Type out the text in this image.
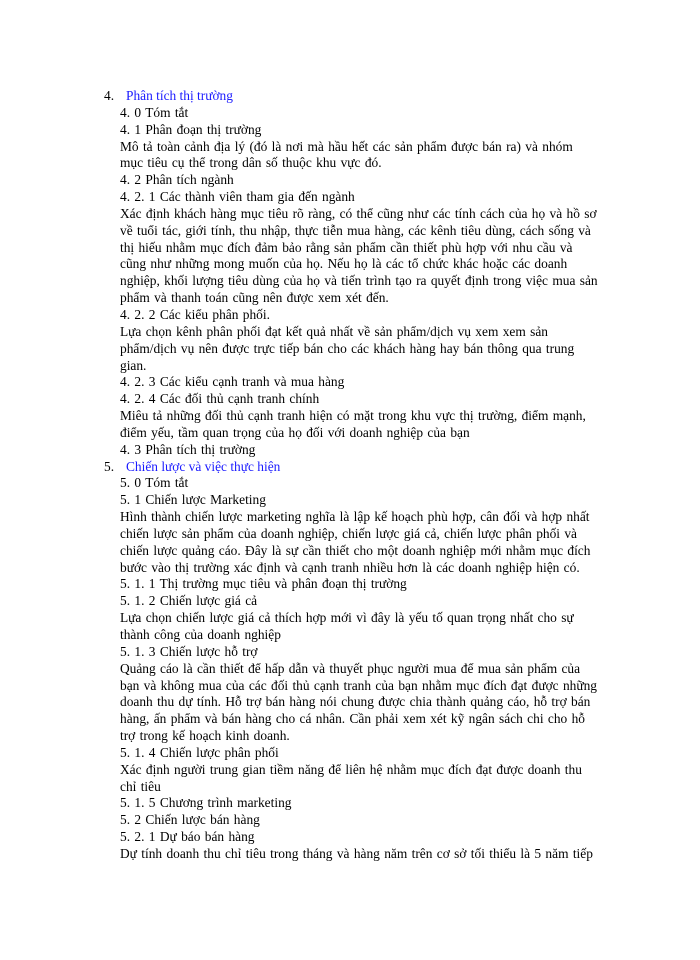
4. Phân tích thị trường
4. 0 Tóm tắt
4. 1 Phân đoạn thị trường
Mô tả toàn cảnh địa lý (đó là nơi mà hầu hết các sản phẩm được bán ra) và nhóm mục tiêu cụ thể trong dân số thuộc khu vực đó.
4. 2 Phân tích ngành
4. 2. 1 Các thành viên tham gia đến ngành
Xác định khách hàng mục tiêu rõ ràng, có thể cũng như các tính cách của họ và hồ sơ về tuổi tác, giới tính, thu nhập, thực tiễn mua hàng, các kênh tiêu dùng, cách sống và thị hiếu nhằm mục đích đảm bảo rằng sản phẩm cần thiết phù hợp với nhu cầu và cũng như những mong muốn của họ. Nếu họ là các tổ chức khác hoặc các doanh nghiệp, khối lượng tiêu dùng của họ và tiến trình tạo ra quyết định trong việc mua sản phẩm và thanh toán cũng nên được xem xét đến.
4. 2. 2 Các kiểu phân phối.
Lựa chọn kênh phân phối đạt kết quả nhất về sản phẩm/dịch vụ xem xem sản phẩm/dịch vụ nên được trực tiếp bán cho các khách hàng hay bán thông qua trung gian.
4. 2. 3 Các kiểu cạnh tranh và mua hàng
4. 2. 4 Các đối thủ cạnh tranh chính
Miêu tả những đối thủ cạnh tranh hiện có mặt trong khu vực thị trường, điểm mạnh, điểm yếu, tầm quan trọng của họ đối với doanh nghiệp của bạn
4. 3 Phân tích thị trường
5. Chiến lược và việc thực hiện
5. 0 Tóm tắt
5. 1 Chiến lược Marketing
Hình thành chiến lược marketing nghĩa là lập kế hoạch phù hợp, cân đối và hợp nhất chiến lược sản phẩm của doanh nghiệp, chiến lược giá cả, chiến lược phân phối và chiến lược quảng cáo. Đây là sự cần thiết cho một doanh nghiệp mới nhằm mục đích bước vào thị trường xác định và cạnh tranh nhiều hơn là các doanh nghiệp hiện có.
5. 1. 1 Thị trường mục tiêu và phân đoạn thị trường
5. 1. 2 Chiến lược giá cả
Lựa chọn chiến lược giá cả thích hợp mới vì đây là yếu tố quan trọng nhất cho sự thành công của doanh nghiệp
5. 1. 3 Chiến lược hỗ trợ
Quảng cáo là cần thiết để hấp dẫn và thuyết phục người mua để mua sản phẩm của bạn và không mua của các đối thủ cạnh tranh của bạn nhằm mục đích đạt được những doanh thu dự tính. Hỗ trợ bán hàng nói chung được chia thành quảng cáo, hỗ trợ bán hàng, ấn phẩm và bán hàng cho cá nhân. Cần phải xem xét kỹ ngân sách chi cho hỗ trợ trong kế hoạch kinh doanh.
5. 1. 4 Chiến lược phân phối
Xác định người trung gian tiềm năng để liên hệ nhằm mục đích đạt được doanh thu chỉ tiêu
5. 1. 5 Chương trình marketing
5. 2 Chiến lược bán hàng
5. 2. 1 Dự báo bán hàng
Dự tính doanh thu chỉ tiêu trong tháng và hàng năm trên cơ sở tối thiểu là 5 năm tiếp
